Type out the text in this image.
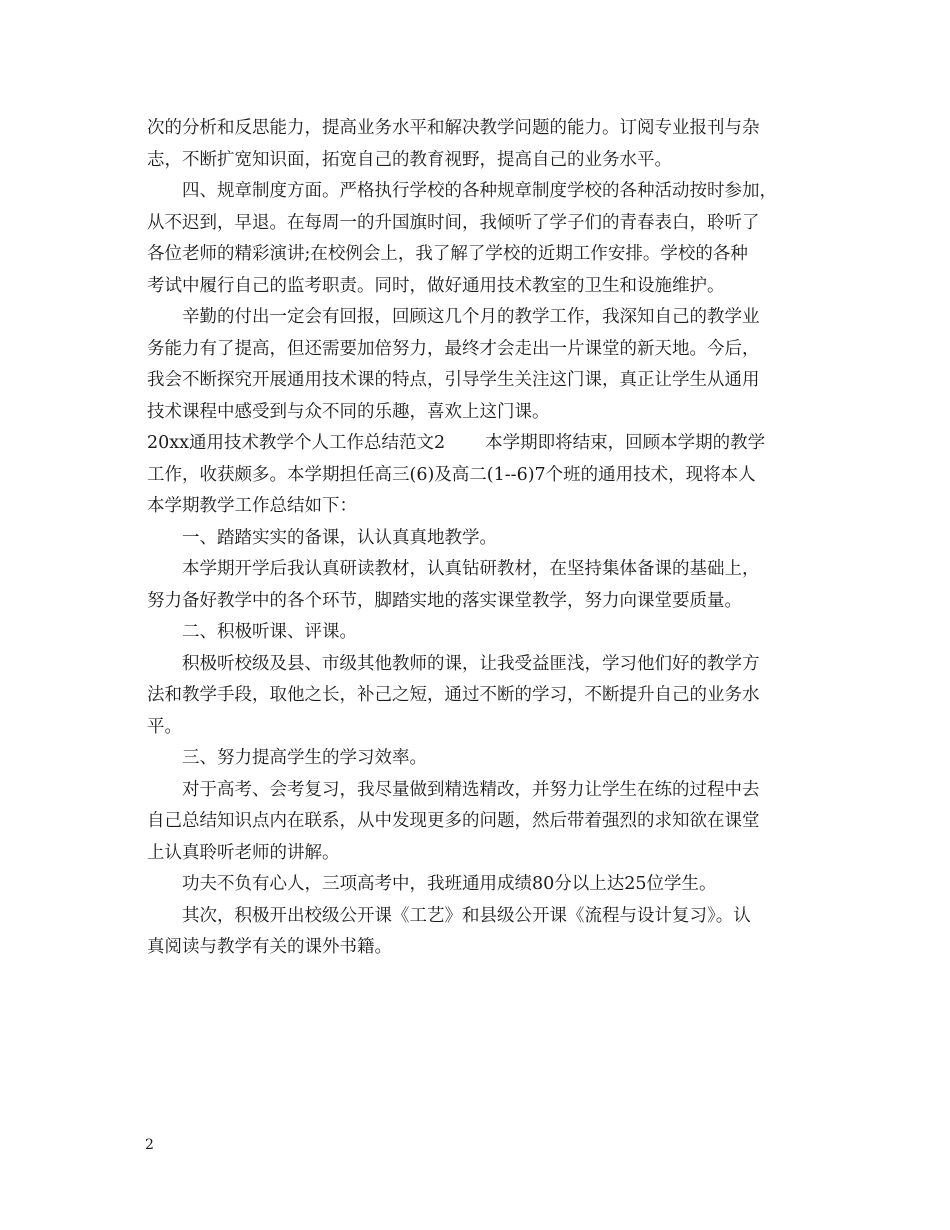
次的分析和反思能力，提高业务水平和解决教学问题的能力。订阅专业报刊与杂
志，不断扩宽知识面，拓宽自己的教育视野，提高自己的业务水平。
四、规章制度方面。严格执行学校的各种规章制度学校的各种活动按时参加，
从不迟到，早退。在每周一的升国旗时间，我倾听了学子们的青春表白，聆听了
各位老师的精彩演讲;在校例会上，我了解了学校的近期工作安排。学校的各种
考试中履行自己的监考职责。同时，做好通用技术教室的卫生和设施维护。
辛勤的付出一定会有回报，回顾这几个月的教学工作，我深知自己的教学业
务能力有了提高，但还需要加倍努力，最终才会走出一片课堂的新天地。今后，
我会不断探究开展通用技术课的特点，引导学生关注这门课，真正让学生从通用
技术课程中感受到与众不同的乐趣，喜欢上这门课。
20xx通用技术教学个人工作总结范文2 本学期即将结束，回顾本学期的教学
工作，收获颇多。本学期担任高三(6)及高二(1--6)7个班的通用技术，现将本人
本学期教学工作总结如下：
一、踏踏实实的备课，认认真真地教学。
本学期开学后我认真研读教材，认真钻研教材，在坚持集体备课的基础上，
努力备好教学中的各个环节，脚踏实地的落实课堂教学，努力向课堂要质量。
二、积极听课、评课。
积极听校级及县、市级其他教师的课，让我受益匪浅，学习他们好的教学方
法和教学手段，取他之长，补己之短，通过不断的学习，不断提升自己的业务水
平。
三、努力提高学生的学习效率。
对于高考、会考复习，我尽量做到精选精改，并努力让学生在练的过程中去
自己总结知识点内在联系，从中发现更多的问题，然后带着强烈的求知欲在课堂
上认真聆听老师的讲解。
功夫不负有心人，三项高考中，我班通用成绩80分以上达25位学生。
其次，积极开出校级公开课《工艺》和县级公开课《流程与设计复习》。认
真阅读与教学有关的课外书籍。
2
